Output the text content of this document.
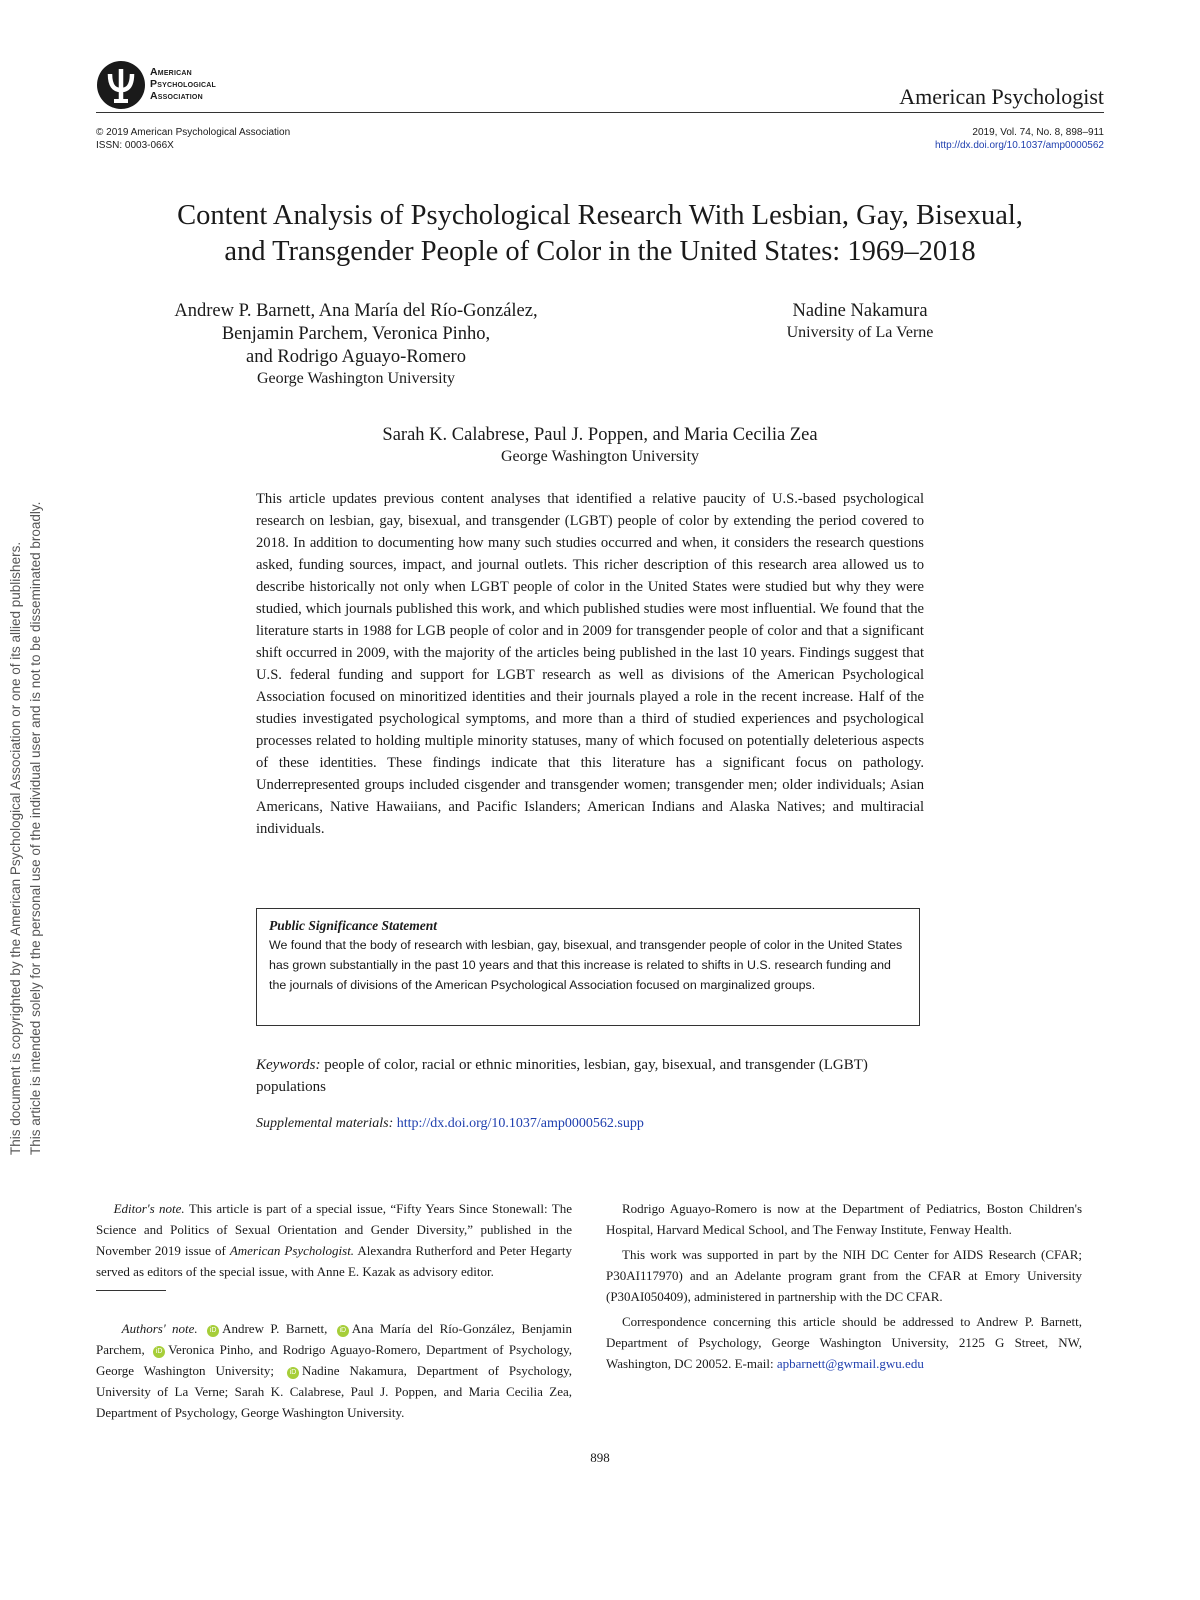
American
Psychological
Association	American Psychologist
© 2019 American Psychological Association
ISSN: 0003-066X
2019, Vol. 74, No. 8, 898–911
http://dx.doi.org/10.1037/amp0000562
Content Analysis of Psychological Research With Lesbian, Gay, Bisexual,
and Transgender People of Color in the United States: 1969–2018
Andrew P. Barnett, Ana María del Río-González,
Benjamin Parchem, Veronica Pinho,
and Rodrigo Aguayo-Romero
George Washington University
Nadine Nakamura
University of La Verne
Sarah K. Calabrese, Paul J. Poppen, and Maria Cecilia Zea
George Washington University
This article updates previous content analyses that identified a relative paucity of U.S.-based psychological research on lesbian, gay, bisexual, and transgender (LGBT) people of color by extending the period covered to 2018. In addition to documenting how many such studies occurred and when, it considers the research questions asked, funding sources, impact, and journal outlets. This richer description of this research area allowed us to describe historically not only when LGBT people of color in the United States were studied but why they were studied, which journals published this work, and which published studies were most influential. We found that the literature starts in 1988 for LGB people of color and in 2009 for transgender people of color and that a significant shift occurred in 2009, with the majority of the articles being published in the last 10 years. Findings suggest that U.S. federal funding and support for LGBT research as well as divisions of the American Psychological Association focused on minoritized identities and their journals played a role in the recent increase. Half of the studies investigated psychological symptoms, and more than a third of studied experiences and psychological processes related to holding multiple minority statuses, many of which focused on potentially deleterious aspects of these identities. These findings indicate that this literature has a significant focus on pathology. Underrepresented groups included cisgender and transgender women; transgender men; older individuals; Asian Americans, Native Hawaiians, and Pacific Islanders; American Indians and Alaska Natives; and multiracial individuals.
Public Significance Statement
We found that the body of research with lesbian, gay, bisexual, and transgender people of color in the United States has grown substantially in the past 10 years and that this increase is related to shifts in U.S. research funding and the journals of divisions of the American Psychological Association focused on marginalized groups.
Keywords: people of color, racial or ethnic minorities, lesbian, gay, bisexual, and transgender (LGBT) populations
Supplemental materials: http://dx.doi.org/10.1037/amp0000562.supp
This document is copyrighted by the American Psychological Association or one of its allied publishers. This article is intended solely for the personal use of the individual user and is not to be disseminated broadly.
Editor's note. This article is part of a special issue, “Fifty Years Since Stonewall: The Science and Politics of Sexual Orientation and Gender Diversity,” published in the November 2019 issue of American Psychologist. Alexandra Rutherford and Peter Hegarty served as editors of the special issue, with Anne E. Kazak as advisory editor.
Authors' note. iD Andrew P. Barnett, iD Ana María del Río-González, Benjamin Parchem, iD Veronica Pinho, and Rodrigo Aguayo-Romero, Department of Psychology, George Washington University; iD Nadine Nakamura, Department of Psychology, University of La Verne; Sarah K. Calabrese, Paul J. Poppen, and Maria Cecilia Zea, Department of Psychology, George Washington University.

Rodrigo Aguayo-Romero is now at the Department of Pediatrics, Boston Children's Hospital, Harvard Medical School, and The Fenway Institute, Fenway Health.

This work was supported in part by the NIH DC Center for AIDS Research (CFAR; P30AI117970) and an Adelante program grant from the CFAR at Emory University (P30AI050409), administered in partnership with the DC CFAR.

Correspondence concerning this article should be addressed to Andrew P. Barnett, Department of Psychology, George Washington University, 2125 G Street, NW, Washington, DC 20052. E-mail: apbarnett@gwmail.gwu.edu

898
